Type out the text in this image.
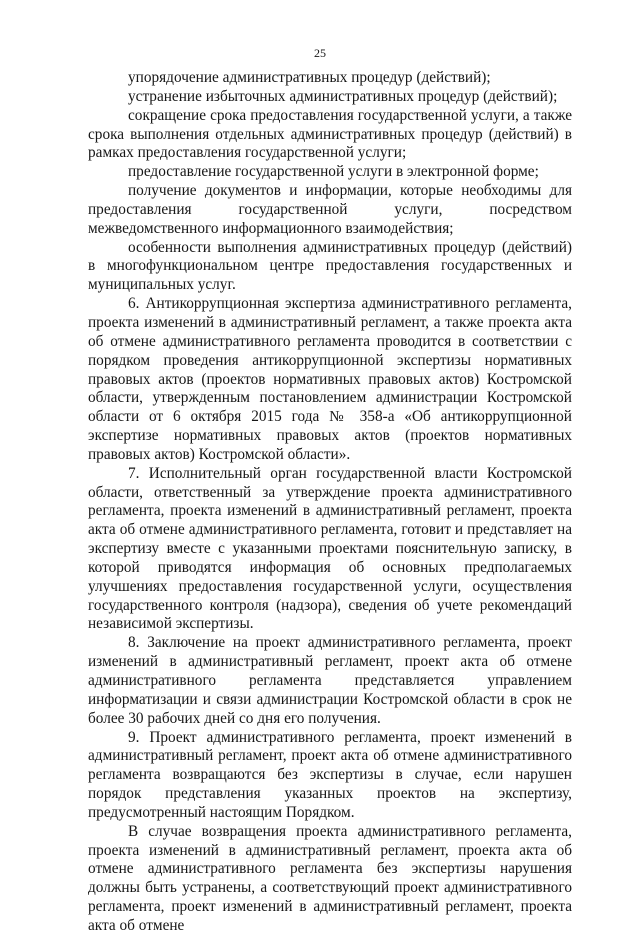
25

упорядочение административных процедур (действий);

устранение избыточных административных процедур (действий);

сокращение срока предоставления государственной услуги, а также срока выполнения отдельных административных процедур (действий) в рамках предоставления государственной услуги;

предоставление государственной услуги в электронной форме;

получение документов и информации, которые необходимы для предоставления государственной услуги, посредством межведомственного информационного взаимодействия;

особенности выполнения административных процедур (действий) в многофункциональном центре предоставления государственных и муниципальных услуг.

6. Антикоррупционная экспертиза административного регламента, проекта изменений в административный регламент, а также проекта акта об отмене административного регламента проводится в соответствии с порядком проведения антикоррупционной экспертизы нормативных правовых актов (проектов нормативных правовых актов) Костромской области, утвержденным постановлением администрации Костромской области от 6 октября 2015 года № 358-а «Об антикоррупционной экспертизе нормативных правовых актов (проектов нормативных правовых актов) Костромской области».

7. Исполнительный орган государственной власти Костромской области, ответственный за утверждение проекта административного регламента, проекта изменений в административный регламент, проекта акта об отмене административного регламента, готовит и представляет на экспертизу вместе с указанными проектами пояснительную записку, в которой приводятся информация об основных предполагаемых улучшениях предоставления государственной услуги, осуществления государственного контроля (надзора), сведения об учете рекомендаций независимой экспертизы.

8. Заключение на проект административного регламента, проект изменений в административный регламент, проект акта об отмене административного регламента представляется управлением информатизации и связи администрации Костромской области в срок не более 30 рабочих дней со дня его получения.

9. Проект административного регламента, проект изменений в административный регламент, проект акта об отмене административного регламента возвращаются без экспертизы в случае, если нарушен порядок представления указанных проектов на экспертизу, предусмотренный настоящим Порядком.

В случае возвращения проекта административного регламента, проекта изменений в административный регламент, проекта акта об отмене административного регламента без экспертизы нарушения должны быть устранены, а соответствующий проект административного регламента, проект изменений в административный регламент, проекта акта об отмене
